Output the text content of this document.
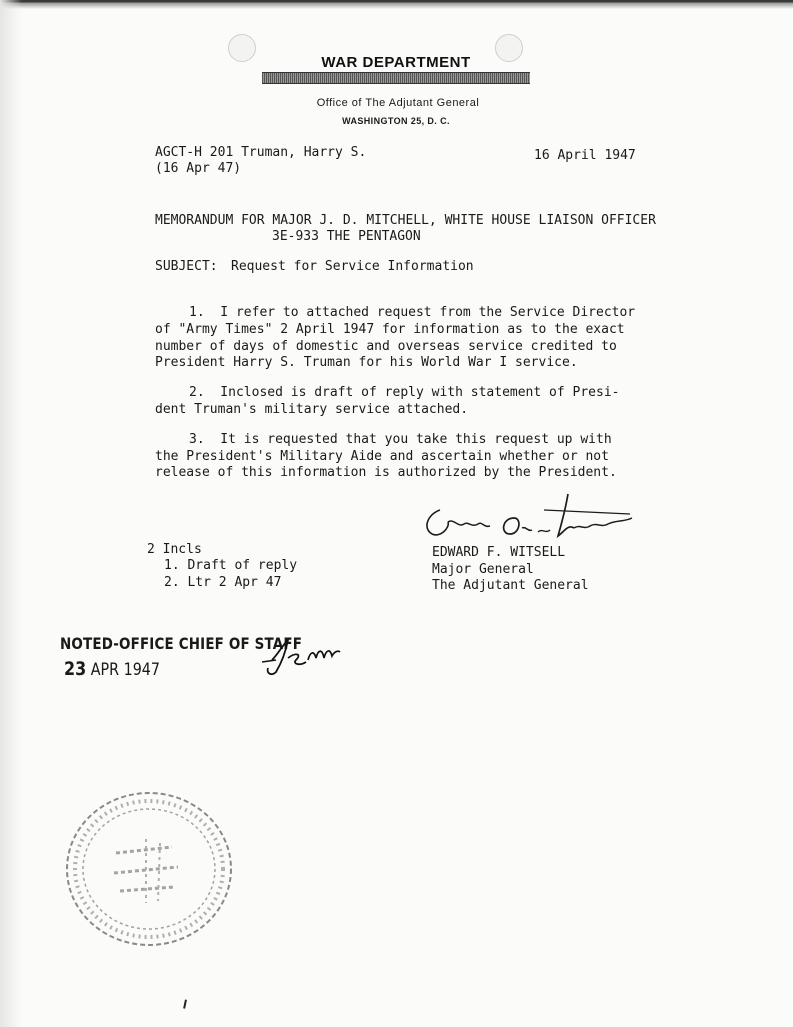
WAR DEPARTMENT
Office of The Adjutant General
WASHINGTON 25, D. C.
AGCT-H 201 Truman, Harry S.
(16 Apr 47)
16 April 1947
MEMORANDUM FOR MAJOR J. D. MITCHELL, WHITE HOUSE LIAISON OFFICER
3E-933 THE PENTAGON
SUBJECT: Request for Service Information
1.  I refer to attached request from the Service Director
of "Army Times" 2 April 1947 for information as to the exact
number of days of domestic and overseas service credited to
President Harry S. Truman for his World War I service.
2.  Inclosed is draft of reply with statement of Presi-
dent Truman's military service attached.
3.  It is requested that you take this request up with
the President's Military Aide and ascertain whether or not
release of this information is authorized by the President.
EDWARD F. WITSELL
Major General
The Adjutant General
2 Incls
1. Draft of reply
2. Ltr 2 Apr 47
NOTED-OFFICE CHIEF OF STAFF
23 APR 1947
